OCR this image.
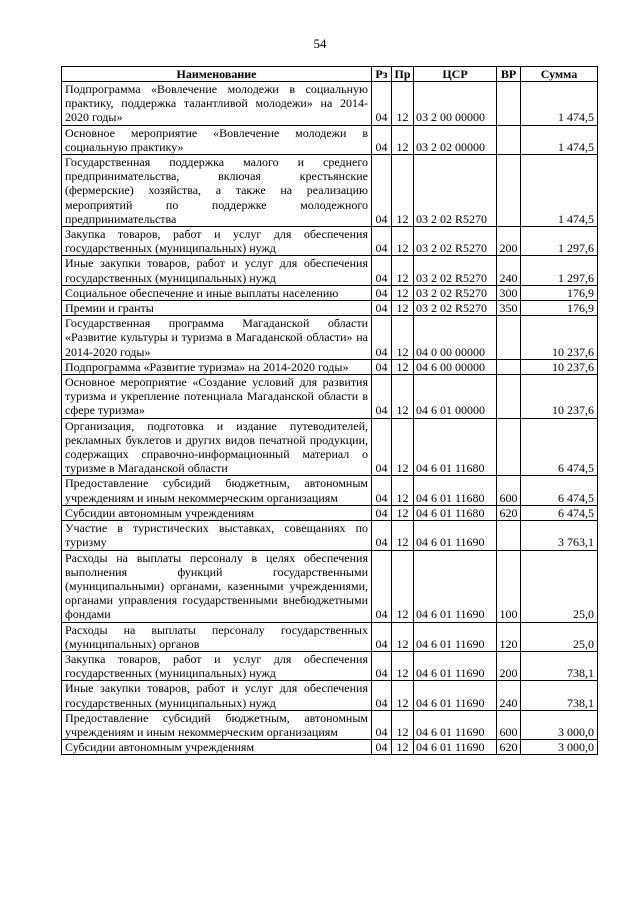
54
Наименование	Рз	Пр	ЦСР	ВР	Сумма
Подпрограмма «Вовлечение молодежи в социальную практику, поддержка талантливой молодежи» на 2014-2020 годы»	04	12	03 2 00 00000		1 474,5
Основное мероприятие «Вовлечение молодежи в социальную практику»	04	12	03 2 02 00000		1 474,5
Государственная поддержка малого и среднего предпринимательства, включая крестьянские (фермерские) хозяйства, а также на реализацию мероприятий по поддержке молодежного предпринимательства	04	12	03 2 02 R5270		1 474,5
Закупка товаров, работ и услуг для обеспечения государственных (муниципальных) нужд	04	12	03 2 02 R5270	200	1 297,6
Иные закупки товаров, работ и услуг для обеспечения государственных (муниципальных) нужд	04	12	03 2 02 R5270	240	1 297,6
Социальное обеспечение и иные выплаты населению	04	12	03 2 02 R5270	300	176,9
Премии и гранты	04	12	03 2 02 R5270	350	176,9
Государственная программа Магаданской области «Развитие культуры и туризма в Магаданской области» на 2014-2020 годы»	04	12	04 0 00 00000		10 237,6
Подпрограмма «Развитие туризма» на 2014-2020 годы»	04	12	04 6 00 00000		10 237,6
Основное мероприятие «Создание условий для развития туризма и укрепление потенциала Магаданской области в сфере туризма»	04	12	04 6 01 00000		10 237,6
Организация, подготовка и издание путеводителей, рекламных буклетов и других видов печатной продукции, содержащих справочно-информационный материал о туризме в Магаданской области	04	12	04 6 01 11680		6 474,5
Предоставление субсидий бюджетным, автономным учреждениям и иным некоммерческим организациям	04	12	04 6 01 11680	600	6 474,5
Субсидии автономным учреждениям	04	12	04 6 01 11680	620	6 474,5
Участие в туристических выставках, совещаниях по туризму	04	12	04 6 01 11690		3 763,1
Расходы на выплаты персоналу в целях обеспечения выполнения функций государственными (муниципальными) органами, казенными учреждениями, органами управления государственными внебюджетными фондами	04	12	04 6 01 11690	100	25,0
Расходы на выплаты персоналу государственных (муниципальных) органов	04	12	04 6 01 11690	120	25,0
Закупка товаров, работ и услуг для обеспечения государственных (муниципальных) нужд	04	12	04 6 01 11690	200	738,1
Иные закупки товаров, работ и услуг для обеспечения государственных (муниципальных) нужд	04	12	04 6 01 11690	240	738,1
Предоставление субсидий бюджетным, автономным учреждениям и иным некоммерческим организациям	04	12	04 6 01 11690	600	3 000,0
Субсидии автономным учреждениям	04	12	04 6 01 11690	620	3 000,0
